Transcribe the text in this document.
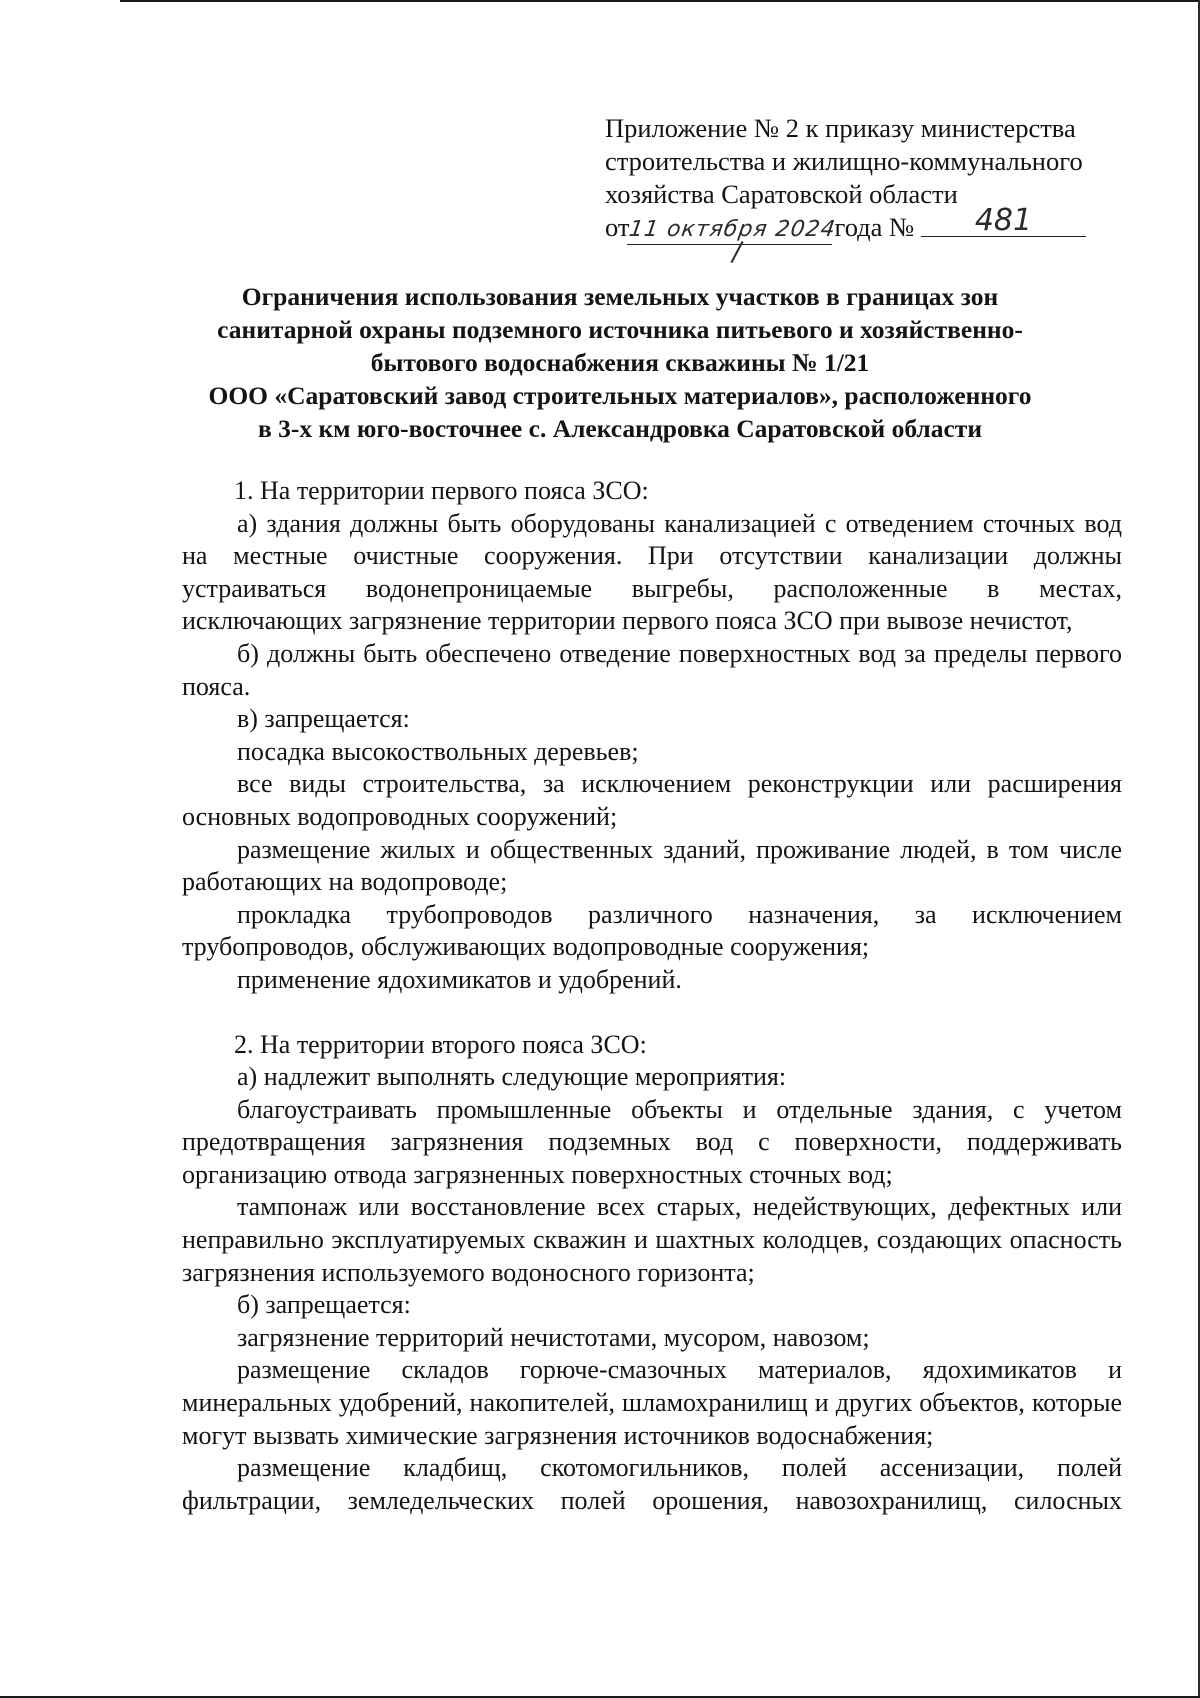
Приложение № 2 к приказу министерства
строительства и жилищно-коммунального
хозяйства Саратовской области
от11 октября 2024года № 481
Ограничения использования земельных участков в границах зон
санитарной охраны подземного источника питьевого и хозяйственно-
бытового водоснабжения скважины № 1/21
ООО «Саратовский завод строительных материалов», расположенного
в 3-х км юго-восточнее с. Александровка Саратовской области

1. На территории первого пояса ЗСО:

а) здания должны быть оборудованы канализацией с отведением сточных вод на местные очистные сооружения. При отсутствии канализации должны устраиваться водонепроницаемые выгребы, расположенные в местах, исключающих загрязнение территории первого пояса ЗСО при вывозе нечистот,

б) должны быть обеспечено отведение поверхностных вод за пределы первого пояса.

в) запрещается:

посадка высокоствольных деревьев;

все виды строительства, за исключением реконструкции или расширения основных водопроводных сооружений;

размещение жилых и общественных зданий, проживание людей, в том числе работающих на водопроводе;

прокладка трубопроводов различного назначения, за исключением трубопроводов, обслуживающих водопроводные сооружения;

применение ядохимикатов и удобрений.

2. На территории второго пояса ЗСО:

а) надлежит выполнять следующие мероприятия:

благоустраивать промышленные объекты и отдельные здания, с учетом предотвращения загрязнения подземных вод с поверхности, поддерживать организацию отвода загрязненных поверхностных сточных вод;

тампонаж или восстановление всех старых, недействующих, дефектных или неправильно эксплуатируемых скважин и шахтных колодцев, создающих опасность загрязнения используемого водоносного горизонта;

б) запрещается:

загрязнение территорий нечистотами, мусором, навозом;

размещение складов горюче-смазочных материалов, ядохимикатов и минеральных удобрений, накопителей, шламохранилищ и других объектов, которые могут вызвать химические загрязнения источников водоснабжения;

размещение кладбищ, скотомогильников, полей ассенизации, полей фильтрации, земледельческих полей орошения, навозохранилищ, силосных
